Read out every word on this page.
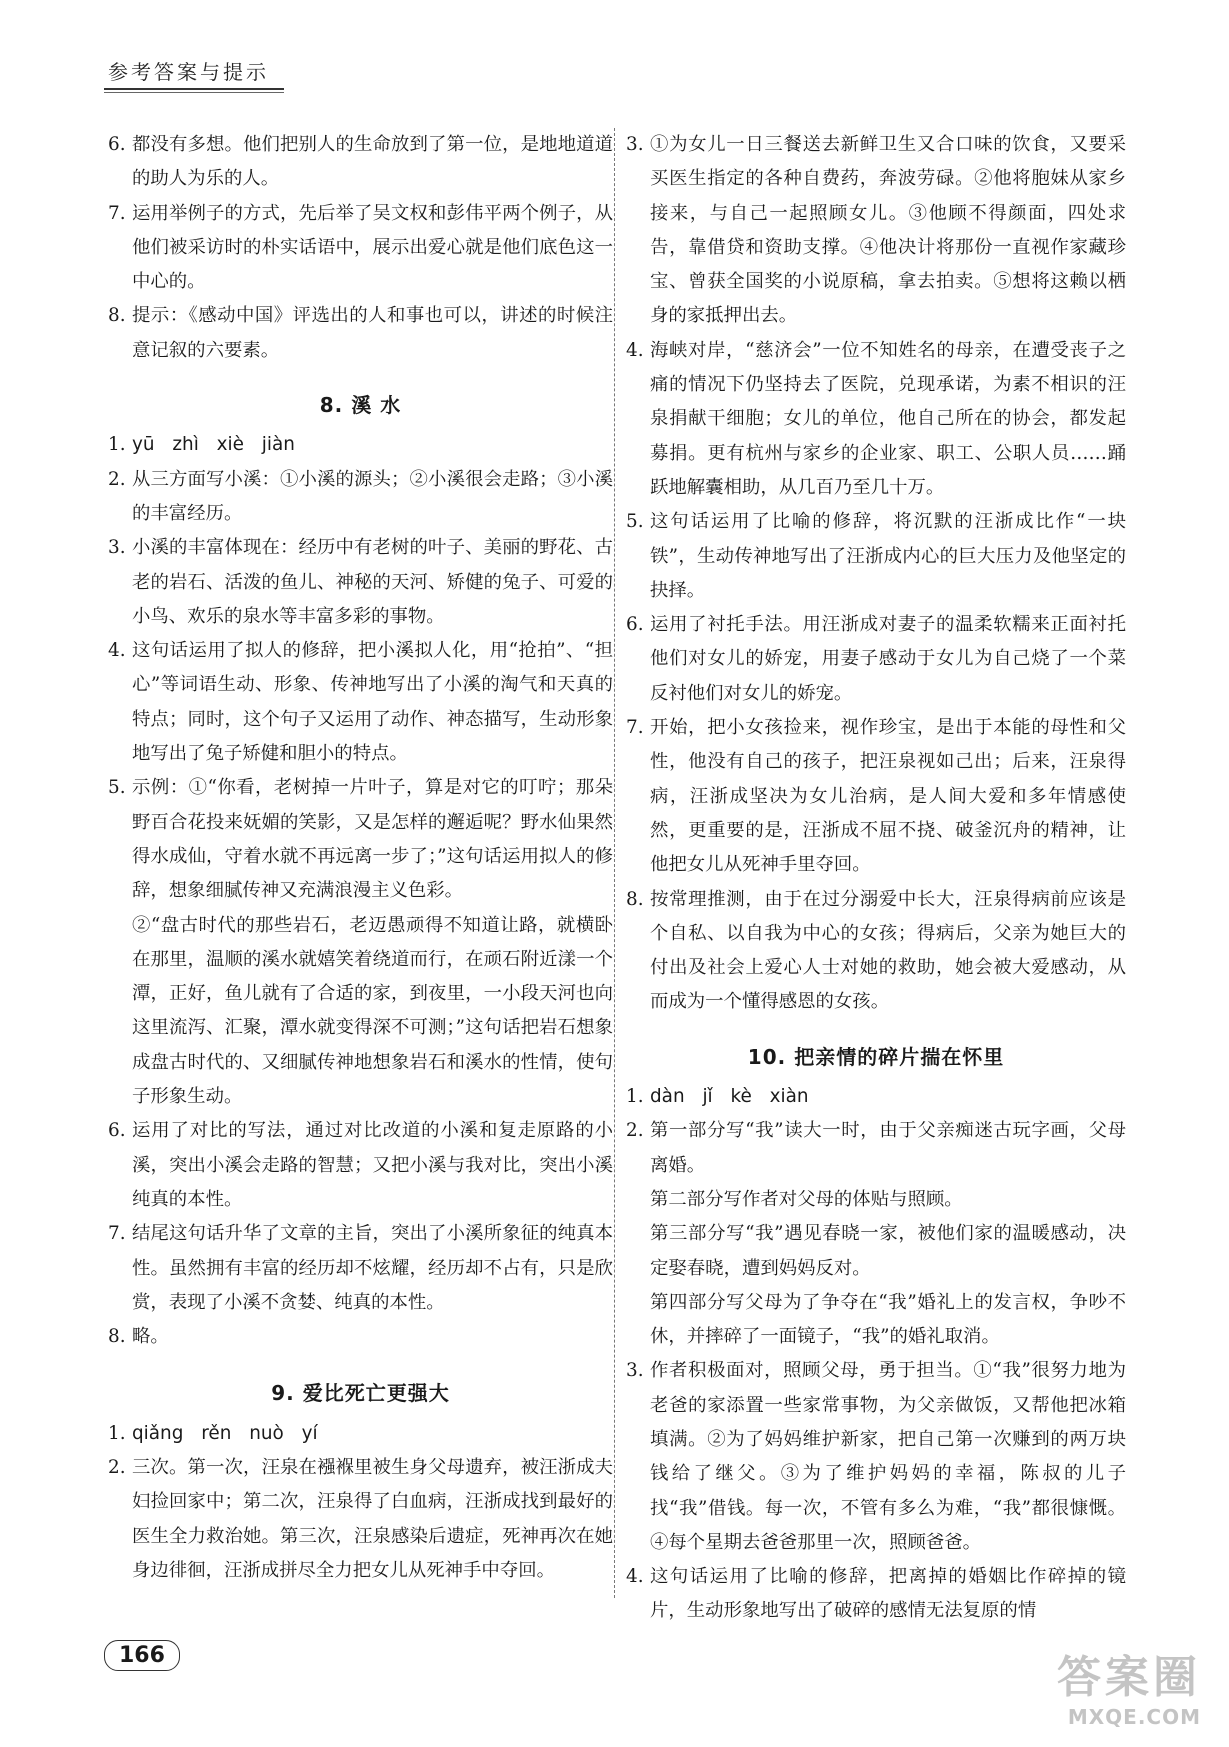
参考答案与提示
6. 都没有多想。他们把别人的生命放到了第一位，是地地道道的助人为乐的人。
7. 运用举例子的方式，先后举了吴文权和彭伟平两个例子，从他们被采访时的朴实话语中，展示出爱心就是他们底色这一中心的。
8. 提示：《感动中国》评选出的人和事也可以，讲述的时候注意记叙的六要素。
8. 溪 水
1. yū zhì xiè jiàn
2. 从三方面写小溪：①小溪的源头；②小溪很会走路；③小溪的丰富经历。
3. 小溪的丰富体现在：经历中有老树的叶子、美丽的野花、古老的岩石、活泼的鱼儿、神秘的天河、矫健的兔子、可爱的小鸟、欢乐的泉水等丰富多彩的事物。
4. 这句话运用了拟人的修辞，把小溪拟人化，用“抢拍”、“担心”等词语生动、形象、传神地写出了小溪的淘气和天真的特点；同时，这个句子又运用了动作、神态描写，生动形象地写出了兔子矫健和胆小的特点。
5. 示例：①“你看，老树掉一片叶子，算是对它的叮咛；那朵野百合花投来妩媚的笑影，又是怎样的邂逅呢？野水仙果然得水成仙，守着水就不再远离一步了；”这句话运用拟人的修辞，想象细腻传神又充满浪漫主义色彩。
②“盘古时代的那些岩石，老迈愚顽得不知道让路，就横卧在那里，温顺的溪水就嬉笑着绕道而行，在顽石附近漾一个潭，正好，鱼儿就有了合适的家，到夜里，一小段天河也向这里流泻、汇聚，潭水就变得深不可测；”这句话把岩石想象成盘古时代的、又细腻传神地想象岩石和溪水的性情，使句子形象生动。
6. 运用了对比的写法，通过对比改道的小溪和复走原路的小溪，突出小溪会走路的智慧；又把小溪与我对比，突出小溪纯真的本性。
7. 结尾这句话升华了文章的主旨，突出了小溪所象征的纯真本性。虽然拥有丰富的经历却不炫耀，经历却不占有，只是欣赏，表现了小溪不贪婪、纯真的本性。
8. 略。
9. 爱比死亡更强大
1. qiǎng rěn nuò yí
2. 三次。第一次，汪泉在襁褓里被生身父母遗弃，被汪浙成夫妇捡回家中；第二次，汪泉得了白血病，汪浙成找到最好的医生全力救治她。第三次，汪泉感染后遗症，死神再次在她身边徘徊，汪浙成拼尽全力把女儿从死神手中夺回。
3. ①为女儿一日三餐送去新鲜卫生又合口味的饮食，又要采买医生指定的各种自费药，奔波劳碌。②他将胞妹从家乡接来，与自己一起照顾女儿。③他顾不得颜面，四处求告，靠借贷和资助支撑。④他决计将那份一直视作家藏珍宝、曾获全国奖的小说原稿，拿去拍卖。⑤想将这赖以栖身的家抵押出去。
4. 海峡对岸，“慈济会”一位不知姓名的母亲，在遭受丧子之痛的情况下仍坚持去了医院，兑现承诺，为素不相识的汪泉捐献干细胞；女儿的单位，他自己所在的协会，都发起募捐。更有杭州与家乡的企业家、职工、公职人员……踊跃地解囊相助，从几百乃至几十万。
5. 这句话运用了比喻的修辞，将沉默的汪浙成比作“一块铁”，生动传神地写出了汪浙成内心的巨大压力及他坚定的抉择。
6. 运用了衬托手法。用汪浙成对妻子的温柔软糯来正面衬托他们对女儿的娇宠，用妻子感动于女儿为自己烧了一个菜反衬他们对女儿的娇宠。
7. 开始，把小女孩捡来，视作珍宝，是出于本能的母性和父性，他没有自己的孩子，把汪泉视如己出；后来，汪泉得病，汪浙成坚决为女儿治病，是人间大爱和多年情感使然，更重要的是，汪浙成不屈不挠、破釜沉舟的精神，让他把女儿从死神手里夺回。
8. 按常理推测，由于在过分溺爱中长大，汪泉得病前应该是个自私、以自我为中心的女孩；得病后，父亲为她巨大的付出及社会上爱心人士对她的救助，她会被大爱感动，从而成为一个懂得感恩的女孩。
10. 把亲情的碎片揣在怀里
1. dàn jǐ kè xiàn
2. 第一部分写“我”读大一时，由于父亲痴迷古玩字画，父母离婚。
第二部分写作者对父母的体贴与照顾。
第三部分写“我”遇见春晓一家，被他们家的温暖感动，决定娶春晓，遭到妈妈反对。
第四部分写父母为了争夺在“我”婚礼上的发言权，争吵不休，并摔碎了一面镜子，“我”的婚礼取消。
3. 作者积极面对，照顾父母，勇于担当。①“我”很努力地为老爸的家添置一些家常事物，为父亲做饭，又帮他把冰箱填满。②为了妈妈维护新家，把自己第一次赚到的两万块钱给了继父。③为了维护妈妈的幸福，陈叔的儿子找“我”借钱。每一次，不管有多么为难，“我”都很慷慨。④每个星期去爸爸那里一次，照顾爸爸。
4. 这句话运用了比喻的修辞，把离掉的婚姻比作碎掉的镜片，生动形象地写出了破碎的感情无法复原的情
166	答案圈
MXQE.COM
